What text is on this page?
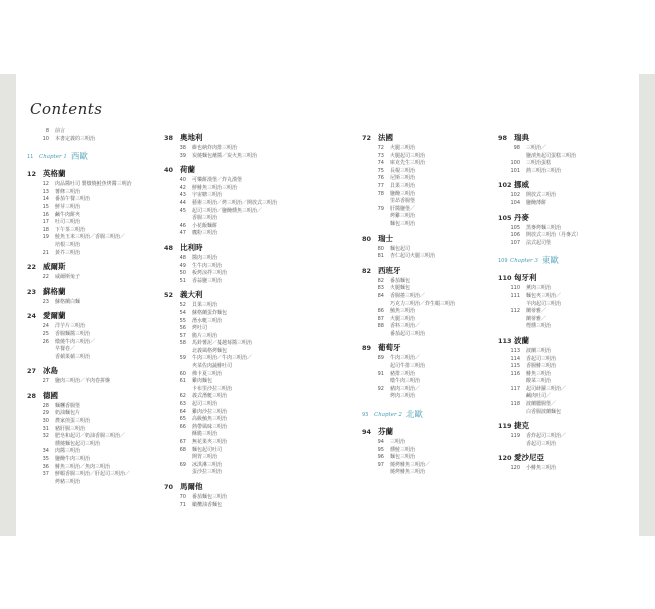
Contents
8	前言
10	本書定義的三明治
11	Chapter 1 西歐
12 英格蘭
12	肉品醬吐司 製燉燒鮭魚烤醬三明治
13	薯條三明治
14	番茄午餐三明治
15	鮮芽三明治
16	鹹牛肉餅夾
17	吐司三明治
18	下午茶三明治
19	鮭魚玉米三明治／香腸三明治／
培根三明治
21	黃芥三明治
22 威爾斯
22	威爾斯兔子
23 蘇格蘭
23	蘇格蘭白麵
24 愛爾蘭
24	洋芋片三明治
25	香腸麵醬三明治
26	燉燒牛肉三明治／
早餐卷／
香蘋果蘋三明治
27 冰島
27	鹽肉三明治／羊肉卷拼盤
28 德國
28	麵糰香腸堡
29	奶油麵包片
30	農家煎蛋三明治
31	豬肝腸三明治
32	肥皂和起司／奶油香腸三明治／
燻燒麵包起司三明治
34	肉醬三明治
35	鹽醃牛肉三明治
36	鯡魚三明治／魚肉三明治
37	鮮蝦香腸三明治／肝起司三明治／
烤豬三明治
38 奧地利
38	維也納炸肉排三明治
39	炭燒麵包蘸醬／炭火魚三明治
40 荷蘭
40	可樂餅漢堡／炸丸漢堡
42	鮮鯡魚三明治三明治
43	宇宙糖三明治
44	藝術三明治／烤三明治／開放式三明治
45	起司三明治／鹽醃燻魚三明治／
香腸三明治
46	小花飯麵餅
47	鷹粉三明治
48 比利時
48	醬肉三明治
49	生牛肉三明治
50	板烤涼拌三明治
51	香蒜鹽三明治
52 義大利
52	貝果三明治
54	蘇格蘭蛋炸麵包
55	潛水艇三明治
56	烤吐司
57	脆片三明治
58	馬鈴薯泥／蔓越莓醬三明治
北義風格烤麵包
59	牛肉三明治／牛肉三明治／
夾菜佐肉蔬鯡吐司
60	佛卡夏三明治
61	雞肉麵包
卡布里沙拉三明治
62	義式潛艇三明治
63	起司三明治
64	雞肉沙拉三明治
65	高級鮪魚三明治
66	熱帶風味三明治
酥脆三明治
67	無花果夾三明治
68	麵包起司吐司
開胃三明治
69	冰淇淋三明治
蛋沙拉三明治
70 馬爾他
70	番茄麵包三明治
71	橄欖油香麵包
72 法國
72	火腿三明治
73	火腿起司三明治
74	庫克先生三明治
75	長棍三明治
76	尼斯三明治
77	貝果三明治
78	鹽醃三明治
里昂香腸堡
79	肝醬鹽堡／
烤雞三明治
麵包三明治
80 瑞士
80	麵包起司
81	杏仁起司火腿三明治
82 西班牙
82	番茄麵包
83	火腿麵包
84	香腸捲三明治／
巧克力三明治／炸生蝦三明治
86	鮪魚三明治
87	火腿三明治
88	香料三明治／
番茄起司三明治
89 葡萄牙
89	牛肉三明治／
起司牛排三明治
91	豬排三明治
燉牛肉三明治
92	豬肉三明治／
烤肉三明治
93	Chapter 2 北歐
94 芬蘭
94	三明治
95	燻鮭三明治
96	麵包三明治
97	燒烤鯡魚三明治／
燒烤鯡魚三明治
98 瑞典
98	三明治／
鹽漬魚起司蛋糕三明治
100	三明治蛋糕
101	熱三明治三明治
102 挪威
102	開放式三明治
104	鹽醃薄餅
105 丹麥
105	黑麥烤麵三明治
106	開放式三明治（丹麥式）
107	法式起司堡
109 Chapter 3 東歐
110 匈牙利
110	薰肉三明治
111	麵包夾三明治／
羊肉起司三明治
112	蘭蒂雅／
蘭蒂雅／
煙燻三明治
113 波蘭
113	波蘭三明治
114	香起司三明治
115	香腸鯡三明治
116	鯡魚三明治
酸菜三明治
117	起司蒔蘿三明治／
鹹肉吐司／
118	波蘭臘腸堡／
白香腸波蘭麵包
119 捷克
119	香炸起司三明治／
香起司三明治
120 愛沙尼亞
120	小鯡魚三明治
